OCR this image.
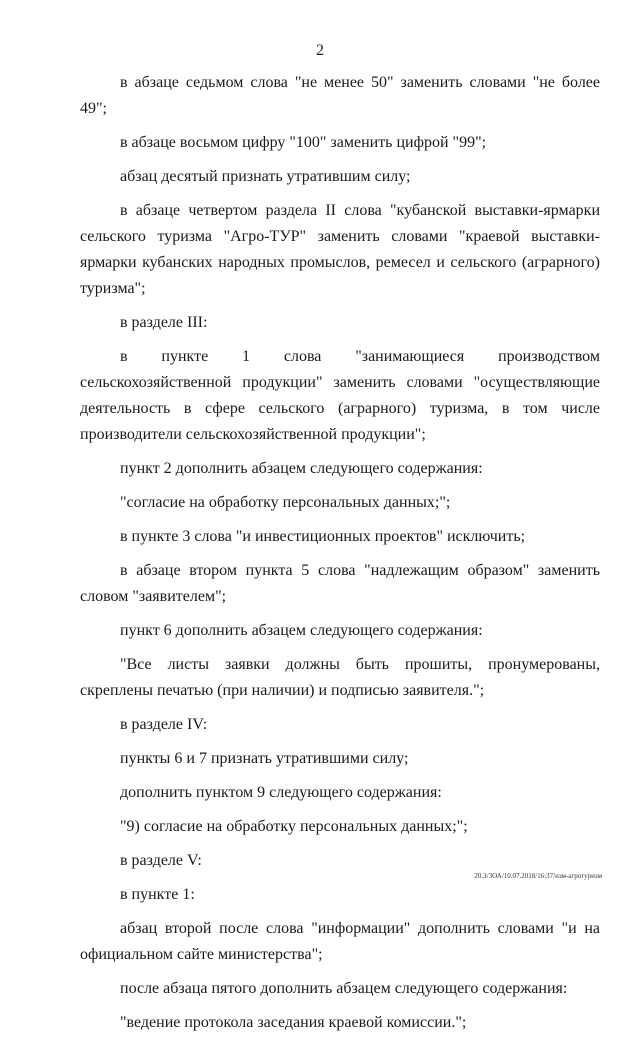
2

в абзаце седьмом слова "не менее 50" заменить словами "не более 49";

в абзаце восьмом цифру "100" заменить цифрой "99";

абзац десятый признать утратившим силу;

в абзаце четвертом раздела II слова "кубанской выставки-ярмарки сельского туризма "Агро-ТУР" заменить словами "краевой выставки-ярмарки кубанских народных промыслов, ремесел и сельского (аграрного) туризма";

в разделе III:

в пункте 1 слова "занимающиеся производством сельскохозяйственной продукции" заменить словами "осуществляющие деятельность в сфере сельского (аграрного) туризма, в том числе производители сельскохозяйственной продукции";

пункт 2 дополнить абзацем следующего содержания:

"согласие на обработку персональных данных;";

в пункте 3 слова "и инвестиционных проектов" исключить;

в абзаце втором пункта 5 слова "надлежащим образом" заменить словом "заявителем";

пункт 6 дополнить абзацем следующего содержания:

"Все листы заявки должны быть прошиты, пронумерованы, скреплены печатью (при наличии) и подписью заявителя.";

в разделе IV:

пункты 6 и 7 признать утратившими силу;

дополнить пунктом 9 следующего содержания:

"9) согласие на обработку персональных данных;";

в разделе V:

в пункте 1:

абзац второй после слова "информации" дополнить словами "и на официальном сайте министерства";

после абзаца пятого дополнить абзацем следующего содержания:

"ведение протокола заседания краевой комиссии.";

20.3/3ОА/10.07.2018/16:37/изм-агротуризм
